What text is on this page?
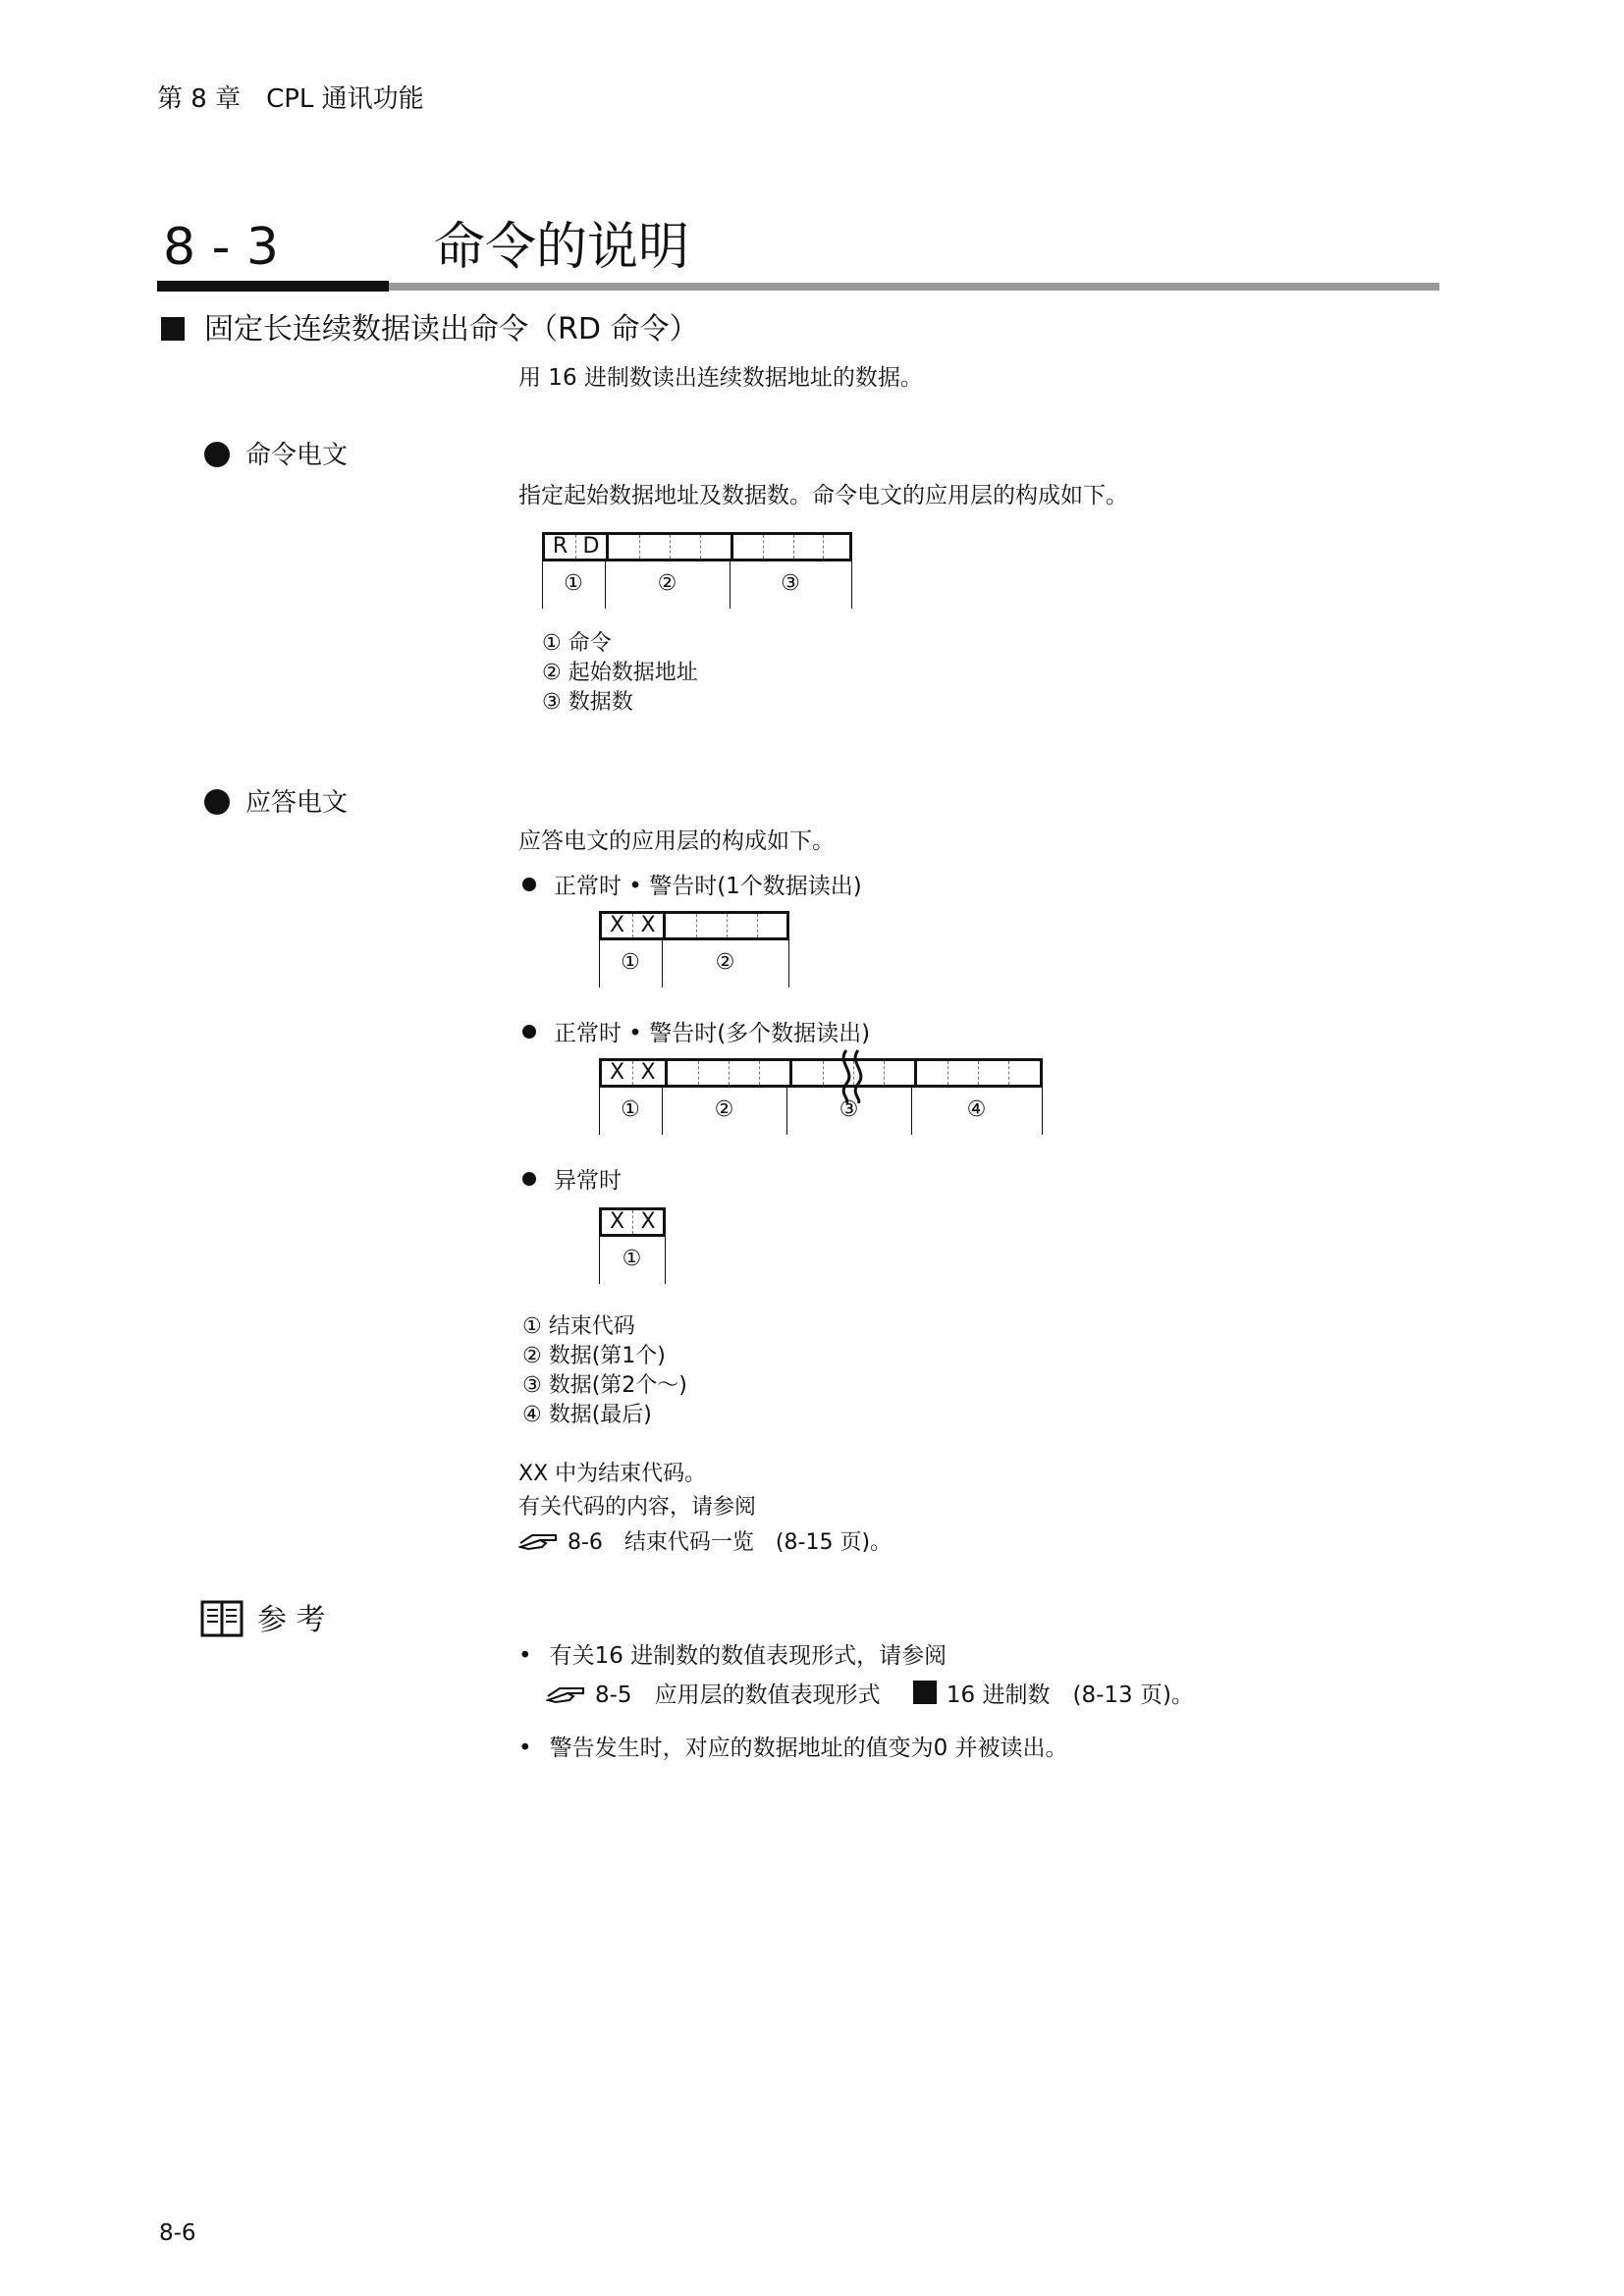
第 8 章　CPL 通讯功能
8 - 3	命令的说明
固定长连续数据读出命令（RD 命令）
用 16 进制数读出连续数据地址的数据。
命令电文
指定起始数据地址及数据数。命令电文的应用层的构成如下。
R D
①	②	③
① 命令
② 起始数据地址
③ 数据数
应答电文
应答电文的应用层的构成如下。
正常时 • 警告时(1个数据读出)
X X
①	②
正常时 • 警告时(多个数据读出)
X X
①	②	③	④
异常时
X X
①
① 结束代码
② 数据(第1个)
③ 数据(第2个～)
④ 数据(最后)
XX 中为结束代码。
有关代码的内容，请参阅
8-6　结束代码一览　(8-15 页)。
参 考
• 有关16 进制数的数值表现形式，请参阅
8-5　应用层的数值表现形式	16 进制数　(8-13 页)。
• 警告发生时，对应的数据地址的值变为0 并被读出。
8-6
